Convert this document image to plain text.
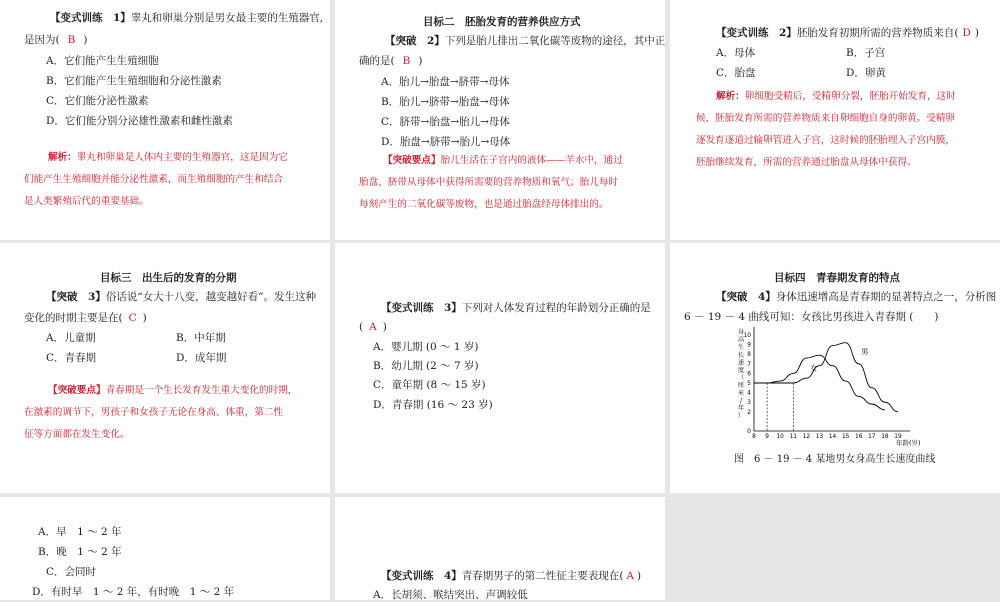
【变式训练　1】睾丸和卵巢分别是男女最主要的生殖器官,
是因为( B )
A．它们能产生生殖细胞
B．它们能产生生殖细胞和分泌性激素
C．它们能分泌性激素
D．它们能分别分泌雄性激素和雌性激素
解析：睾丸和卵巢是人体内主要的生殖器官，这是因为它
们能产生生殖细胞并能分泌性激素，而生殖细胞的产生和结合
是人类繁殖后代的重要基础。
目标二　胚胎发育的营养供应方式
【突破　2】下列是胎儿排出二氧化碳等废物的途径，其中正
确的是( B )
A．胎儿→胎盘→脐带→母体
B．胎儿→脐带→胎盘→母体
C．脐带→胎盘→胎儿→母体
D．胎盘→脐带→胎儿→母体
【突破要点】胎儿生活在子宫内的液体——羊水中，通过
胎盘、脐带从母体中获得所需要的营养物质和氧气；胎儿每时
每刻产生的二氧化碳等废物，也是通过胎盘经母体排出的。
【变式训练　2】胚胎发育初期所需的营养物质来自( D )
A．母体	B．子宫
C．胎盘	D．卵黄
解析：卵细胞受精后，受精卵分裂，胚胎开始发育，这时
候，胚胎发育所需的营养物质来自卵细胞自身的卵黄。受精卵
逐发育逐道过输卵管进入子宫，这时候的胚胎埋入子宫内膜，
胚胎继续发育，所需的营养通过胎盘从母体中获得。
目标三　出生后的发育的分期
【突破　3】俗话说“女大十八变，越变越好看”。发生这种
变化的时期主要是在( C )
A．儿童期	B．中年期
C．青春期	D．成年期
【突破要点】青春期是一个生长发育发生重大变化的时期，
在激素的调节下，男孩子和女孩子无论在身高、体重，第二性
征等方面都在发生变化。
【变式训练　3】下列对人体发育过程的年龄划分正确的是
( A )
A．婴儿期 (0 ～ 1 岁)
B．幼儿期 (2 ～ 7 岁)
C．童年期 (8 ～ 15 岁)
D．青春期 (16 ～ 23 岁)
目标四　青春期发育的特点
【突破　4】身体迅速增高是青春期的显著特点之一，分析图
6 － 19 － 4 曲线可知：女孩比男孩进入青春期 (　　)
身
高
生
长
速
度
（
厘
米
/
年
）
年龄(岁)
8 9 10 11 12 13 14 15 16 17 18 19
0
2
3
4
5
6
7
8
9
10
女
男
图　6 － 19 － 4 某地男女身高生长速度曲线
A．早　1 ～ 2 年
B．晚　1 ～ 2 年
C．会同时
D．有时早　1 ～ 2 年，有时晚　1 ～ 2 年
【变式训练　4】青春期男子的第二性征主要表现在( A )
A．长胡须、喉结突出、声调较低
